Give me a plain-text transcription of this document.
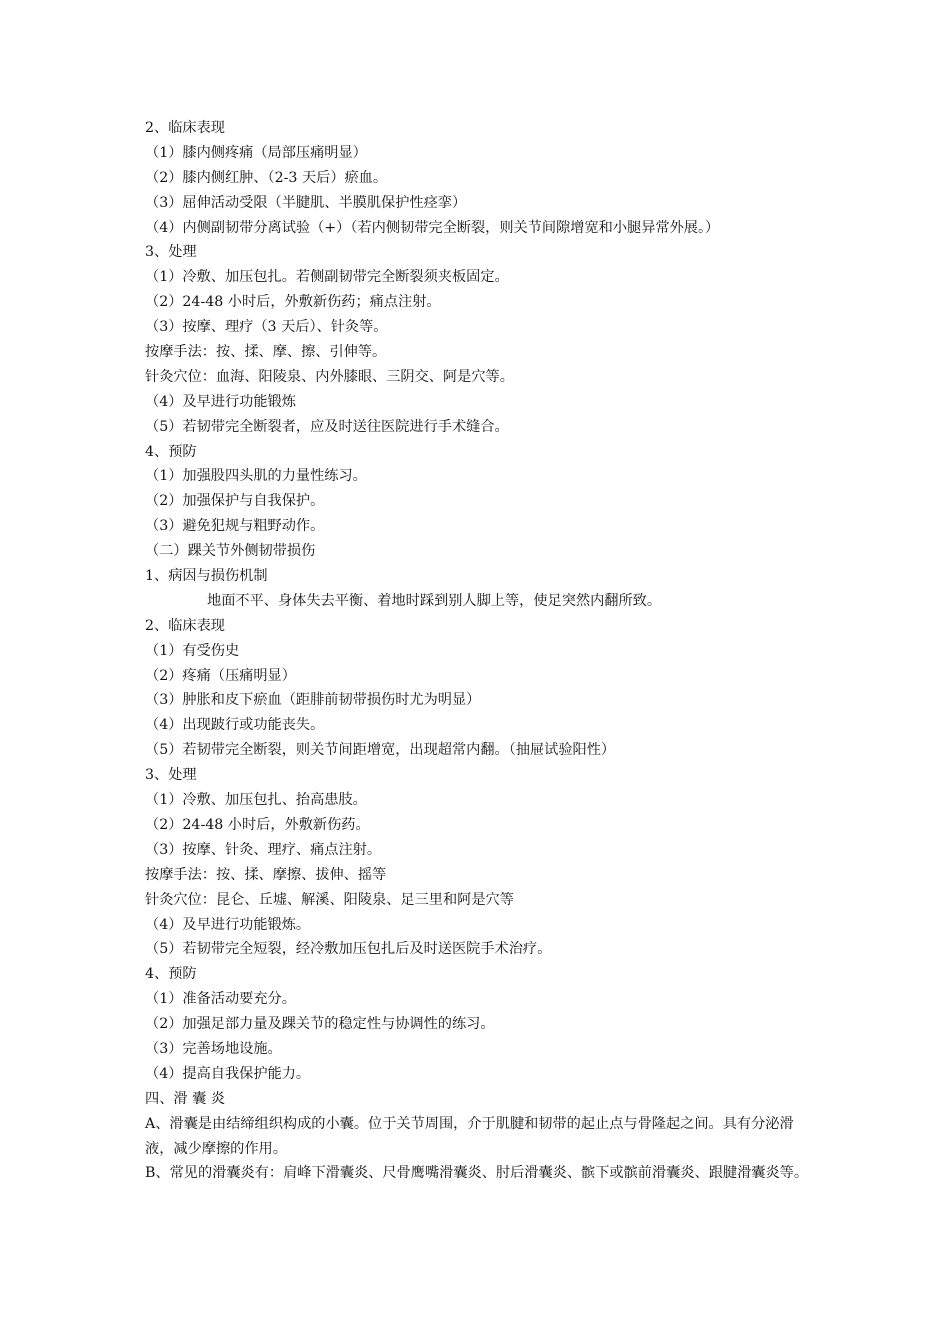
2、临床表现
（1）膝内侧疼痛（局部压痛明显）
（2）膝内侧红肿、（2-3 天后）瘀血。
（3）屈伸活动受限（半腱肌、半膜肌保护性痉挛）
（4）内侧副韧带分离试验（+）（若内侧韧带完全断裂，则关节间隙增宽和小腿异常外展。）
3、处理
（1）冷敷、加压包扎。若侧副韧带完全断裂须夹板固定。
（2）24-48 小时后，外敷新伤药；痛点注射。
（3）按摩、理疗（3 天后）、针灸等。
按摩手法：按、揉、摩、擦、引伸等。
针灸穴位：血海、阳陵泉、内外膝眼、三阴交、阿是穴等。
（4）及早进行功能锻炼
（5）若韧带完全断裂者，应及时送往医院进行手术缝合。
4、预防
（1）加强股四头肌的力量性练习。
（2）加强保护与自我保护。
（3）避免犯规与粗野动作。
（二）踝关节外侧韧带损伤
1、病因与损伤机制
地面不平、身体失去平衡、着地时踩到别人脚上等，使足突然内翻所致。
2、临床表现
（1）有受伤史
（2）疼痛（压痛明显）
（3）肿胀和皮下瘀血（距腓前韧带损伤时尤为明显）
（4）出现跛行或功能丧失。
（5）若韧带完全断裂，则关节间距增宽，出现超常内翻。（抽屉试验阳性）
3、处理
（1）冷敷、加压包扎、抬高患肢。
（2）24-48 小时后，外敷新伤药。
（3）按摩、针灸、理疗、痛点注射。
按摩手法：按、揉、摩擦、拔伸、摇等
针灸穴位：昆仑、丘墟、解溪、阳陵泉、足三里和阿是穴等
（4）及早进行功能锻炼。
（5）若韧带完全短裂，经冷敷加压包扎后及时送医院手术治疗。
4、预防
（1）准备活动要充分。
（2）加强足部力量及踝关节的稳定性与协调性的练习。
（3）完善场地设施。
（4）提高自我保护能力。
四、滑 囊 炎
A、滑囊是由结缔组织构成的小囊。位于关节周围，介于肌腱和韧带的起止点与骨隆起之间。具有分泌滑液，减少摩擦的作用。
B、常见的滑囊炎有：肩峰下滑囊炎、尺骨鹰嘴滑囊炎、肘后滑囊炎、髌下或髌前滑囊炎、跟腱滑囊炎等。
